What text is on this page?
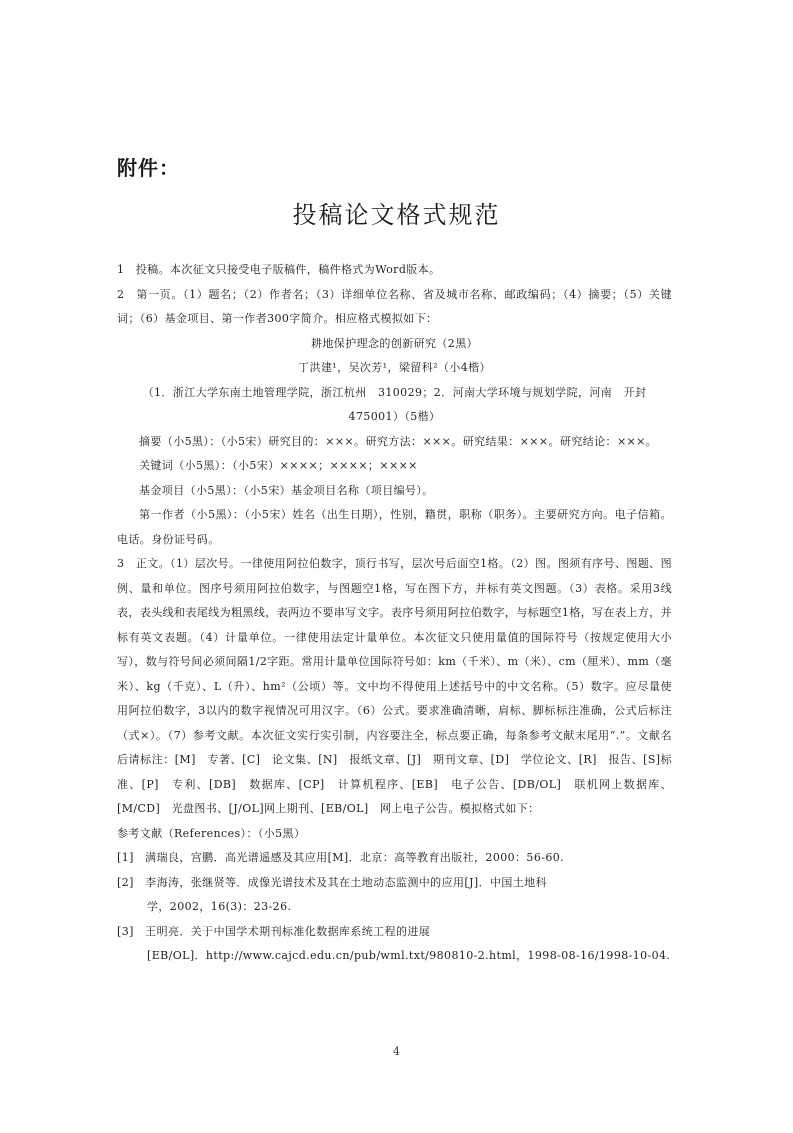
附件：
投稿论文格式规范

1　投稿。本次征文只接受电子版稿件，稿件格式为Word版本。

2　第一页。（1）题名；（2）作者名；（3）详细单位名称、省及城市名称、邮政编码；（4）摘要；（5）关键词；（6）基金项目、第一作者300字简介。相应格式模拟如下：

耕地保护理念的创新研究（2黑）

丁洪建¹，吴次芳¹，梁留科²（小4楷）

（1．浙江大学东南土地管理学院，浙江杭州　310029；2．河南大学环境与规划学院，河南　开封　475001）（5楷）

摘要（小5黑）：（小5宋）研究目的：×××。研究方法：×××。研究结果：×××。研究结论：×××。

关键词（小5黑）：（小5宋）××××；××××；××××

基金项目（小5黑）：（小5宋）基金项目名称（项目编号）。

第一作者（小5黑）：（小5宋）姓名（出生日期），性别，籍贯，职称（职务）。主要研究方向。电子信箱。电话。身份证号码。

3　正文。（1）层次号。一律使用阿拉伯数字，顶行书写，层次号后面空1格。（2）图。图须有序号、图题、图例、量和单位。图序号须用阿拉伯数字，与图题空1格，写在图下方，并标有英文图题。（3）表格。采用3线表，表头线和表尾线为粗黑线，表两边不要串写文字。表序号须用阿拉伯数字，与标题空1格，写在表上方，并标有英文表题。（4）计量单位。一律使用法定计量单位。本次征文只使用量值的国际符号（按规定使用大小写），数与符号间必须间隔1/2字距。常用计量单位国际符号如：km（千米）、m（米）、cm（厘米）、mm（毫米）、kg（千克）、L（升）、hm²（公顷）等。文中均不得使用上述括号中的中文名称。（5）数字。应尽量使用阿拉伯数字，3以内的数字视情况可用汉字。（6）公式。要求准确清晰，肩标、脚标标注准确，公式后标注（式×）。（7）参考文献。本次征文实行实引制，内容要注全，标点要正确，每条参考文献末尾用“.”。文献名后请标注：[M]　专著、[C]　论文集、[N]　报纸文章、[J]　期刊文章、[D]　学位论文、[R]　报告、[S]标准、[P]　专利、[DB]　数据库、[CP]　计算机程序、[EB]　电子公告、[DB/OL]　联机网上数据库、[M/CD]　光盘图书、[J/OL]网上期刊、[EB/OL]　网上电子公告。模拟格式如下：

参考文献（References）：（小5黑）

[1]　满瑞良，宫鹏．高光谱遥感及其应用[M]．北京：高等教育出版社，2000：56-60.

[2]　李海涛，张继贤等．成像光谱技术及其在土地动态监测中的应用[J]．中国土地科

学，2002，16(3)：23-26.

[3]　王明亮．关于中国学术期刊标准化数据库系统工程的进展

[EB/OL]．http://www.cajcd.edu.cn/pub/wml.txt/980810-2.html，1998-08-16/1998-10-04.

4
